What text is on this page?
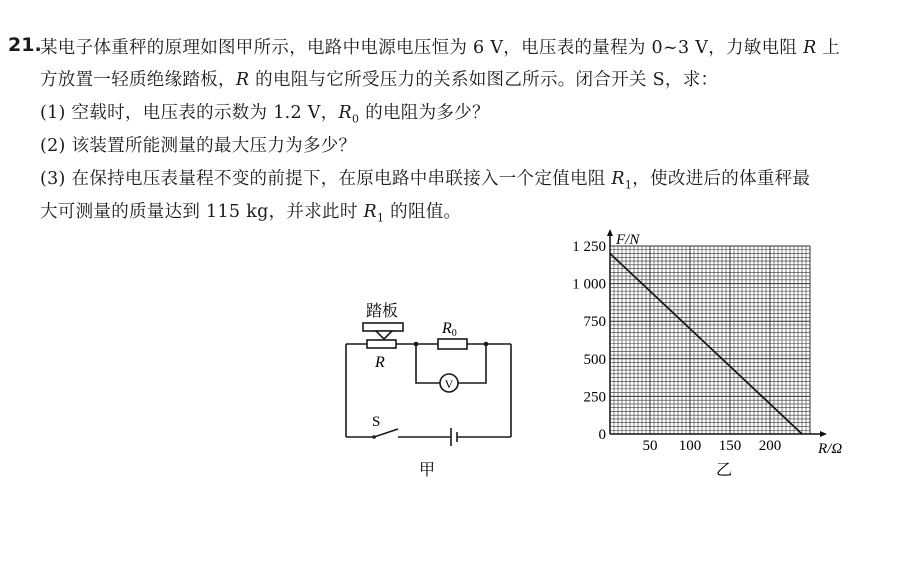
21.
某电子体重秤的原理如图甲所示，电路中电源电压恒为 6 V，电压表的量程为 0~3 V，力敏电阻 R 上
方放置一轻质绝缘踏板，R 的电阻与它所受压力的关系如图乙所示。闭合开关 S，求：
(1) 空载时，电压表的示数为 1.2 V，$R_0$ 的电阻为多少？
(2) 该装置所能测量的最大压力为多少？
(3) 在保持电压表量程不变的前提下，在原电路中串联接入一个定值电阻 $R_1$，使改进后的体重秤最
大可测量的质量达到 115 kg，并求此时 $R_1$ 的阻值。
踏板
R
R0
V
S
甲
50 100 150 200
0
250
500
750
1 000
1 250 F/N
R/Ω
乙
